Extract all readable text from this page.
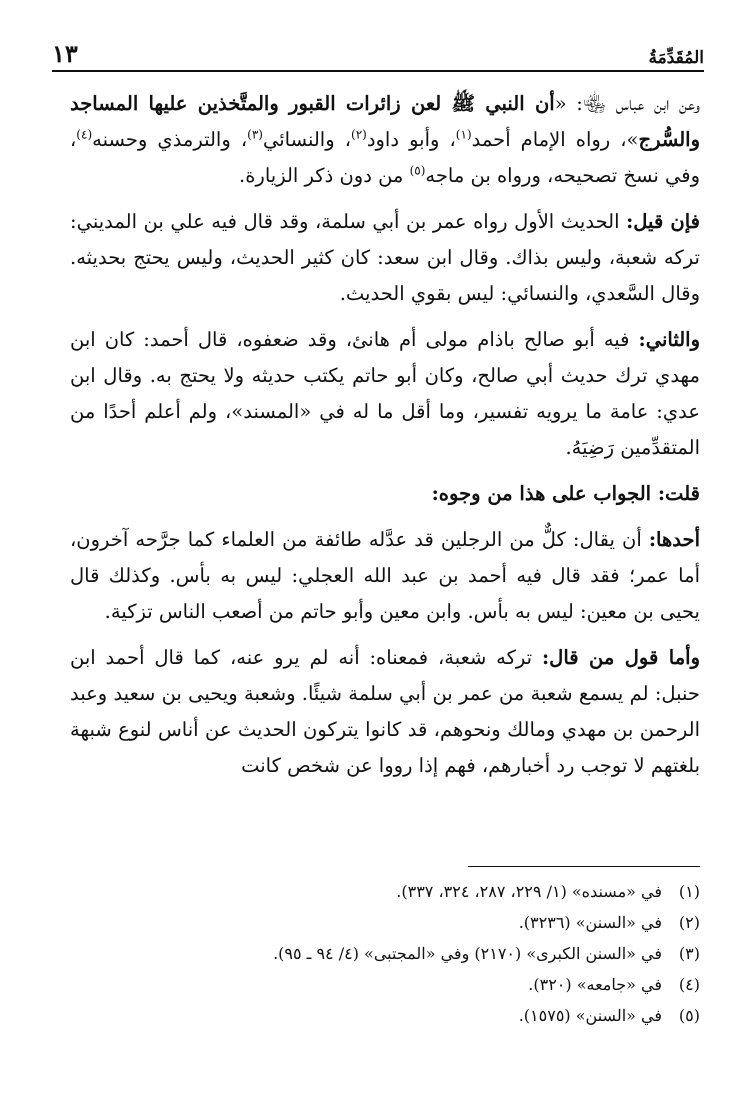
المُقَدِّمَةُ
١٣

وعن ابن عباس ﵄: «أن النبي ﷺ لعن زائرات القبور والمتَّخذين عليها المساجد والسُّرج»، رواه الإمام أحمد$^{(١)}$، وأبو داود$^{(٢)}$، والنسائي$^{(٣)}$، والترمذي وحسنه$^{(٤)}$، وفي نسخ تصحيحه، ورواه بن ماجه$^{(٥)}$ من دون ذكر الزيارة.

فإن قيل: الحديث الأول رواه عمر بن أبي سلمة، وقد قال فيه علي بن المديني: تركه شعبة، وليس بذاك. وقال ابن سعد: كان كثير الحديث، وليس يحتج بحديثه. وقال السَّعدي، والنسائي: ليس بقوي الحديث.

والثاني: فيه أبو صالح باذام مولى أم هانئ، وقد ضعفوه، قال أحمد: كان ابن مهدي ترك حديث أبي صالح، وكان أبو حاتم يكتب حديثه ولا يحتج به. وقال ابن عدي: عامة ما يرويه تفسير، وما أقل ما له في «المسند»، ولم أعلم أحدًا من المتقدِّمين رَضِيَهُ.

قلت: الجواب على هذا من وجوه:

أحدها: أن يقال: كلٌّ من الرجلين قد عدَّله طائفة من العلماء كما جرَّحه آخرون، أما عمر؛ فقد قال فيه أحمد بن عبد الله العجلي: ليس به بأس. وكذلك قال يحيى بن معين: ليس به بأس. وابن معين وأبو حاتم من أصعب الناس تزكية.

وأما قول من قال: تركه شعبة، فمعناه: أنه لم يرو عنه، كما قال أحمد ابن حنبل: لم يسمع شعبة من عمر بن أبي سلمة شيئًا. وشعبة ويحيى بن سعيد وعبد الرحمن بن مهدي ومالك ونحوهم، قد كانوا يتركون الحديث عن أناس لنوع شبهة بلغتهم لا توجب رد أخبارهم، فهم إذا رووا عن شخص كانت

(١)
في «مسنده» (١/ ٢٢٩، ٢٨٧، ٣٢٤، ٣٣٧).
(٢)
في «السنن» (٣٢٣٦).
(٣)
في «السنن الكبرى» (٢١٧٠) وفي «المجتبى» (٤/ ٩٤ ـ ٩٥).
(٤)
في «جامعه» (٣٢٠).
(٥)
في «السنن» (١٥٧٥).
